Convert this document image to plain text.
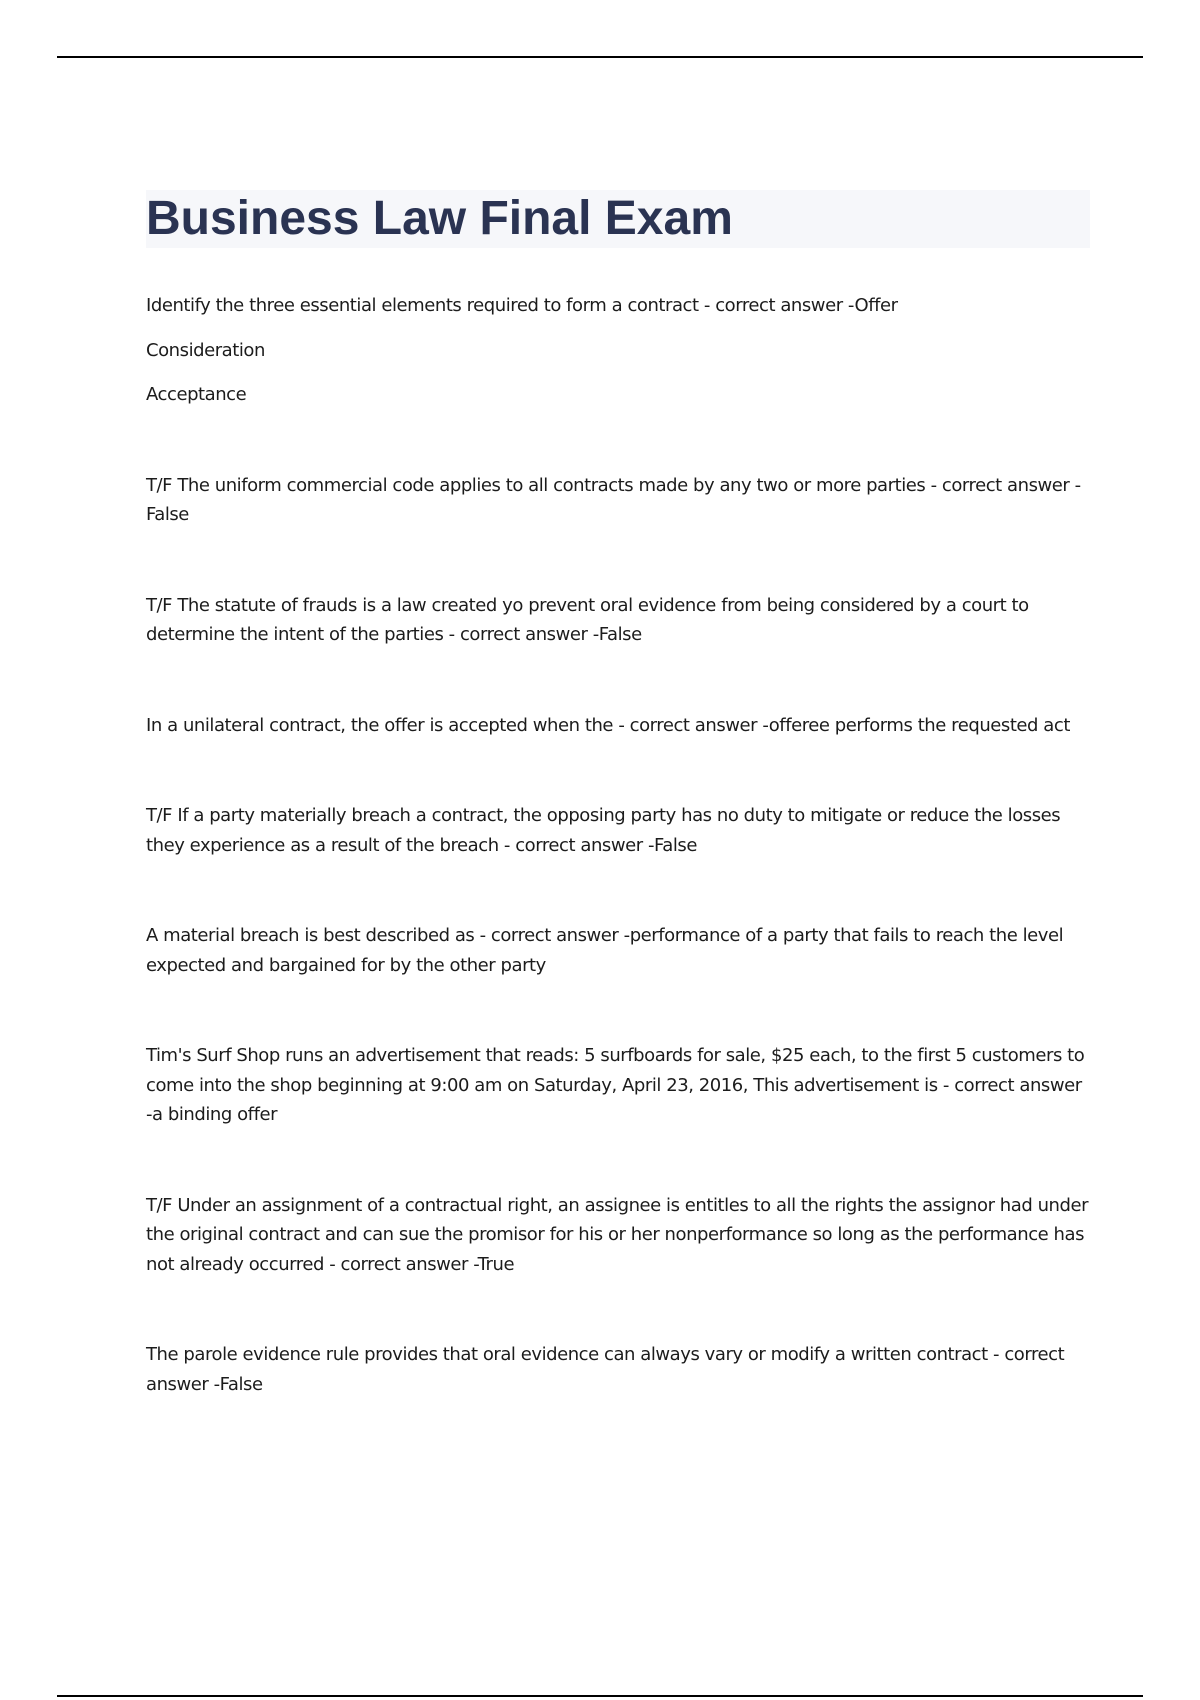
Business Law Final Exam

Identify the three essential elements required to form a contract - correct answer -Offer

Consideration

Acceptance

T/F The uniform commercial code applies to all contracts made by any two or more parties - correct answer -False

T/F The statute of frauds is a law created yo prevent oral evidence from being considered by a court to determine the intent of the parties - correct answer -False

In a unilateral contract, the offer is accepted when the - correct answer -offeree performs the requested act

T/F If a party materially breach a contract, the opposing party has no duty to mitigate or reduce the losses they experience as a result of the breach - correct answer -False

A material breach is best described as - correct answer -performance of a party that fails to reach the level expected and bargained for by the other party

Tim's Surf Shop runs an advertisement that reads: 5 surfboards for sale, $25 each, to the first 5 customers to come into the shop beginning at 9:00 am on Saturday, April 23, 2016, This advertisement is - correct answer -a binding offer

T/F Under an assignment of a contractual right, an assignee is entitles to all the rights the assignor had under the original contract and can sue the promisor for his or her nonperformance so long as the performance has not already occurred - correct answer -True

The parole evidence rule provides that oral evidence can always vary or modify a written contract - correct answer -False
